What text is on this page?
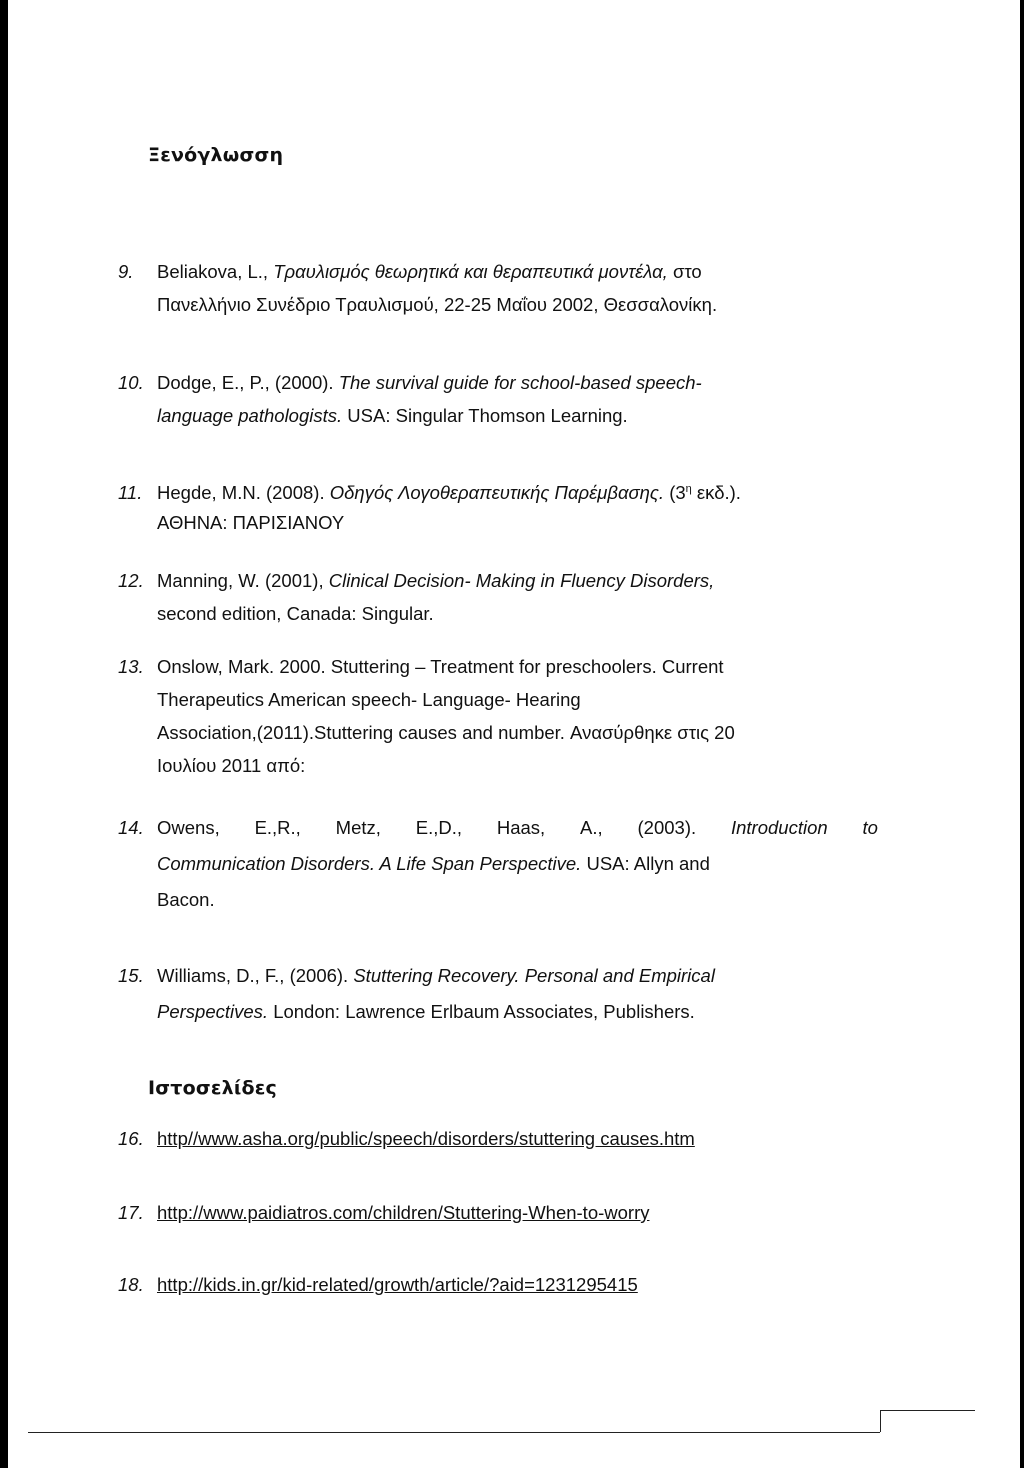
Ξενόγλωσση
9. Beliakova, L., Τραυλισμός θεωρητικά και θεραπευτικά μοντέλα, στο
Πανελλήνιο Συνέδριο Τραυλισμού, 22-25 Μαΐου 2002, Θεσσαλονίκη.
10. Dodge, E., P., (2000). The survival guide for school-based speech-
language pathologists. USA: Singular Thomson Learning.
11. Hegde, M.N. (2008). Οδηγός Λογοθεραπευτικής Παρέμβασης. ($3^\eta$ εκδ.).
ΑΘΗΝΑ: ΠΑΡΙΣΙΑΝΟΥ
12. Manning, W. (2001), Clinical Decision- Making in Fluency Disorders,
second edition, Canada: Singular.
13. Onslow, Mark. 2000. Stuttering – Treatment for preschoolers. Current
Therapeutics American speech- Language- Hearing
Association,(2011).Stuttering causes and number. Ανασύρθηκε στις 20
Ιουλίου 2011 από:
14. Owens, E.,R., Metz, E.,D., Haas, A., (2003). Introduction to
Communication Disorders. A Life Span Perspective. USA: Allyn and
Bacon.
15. Williams, D., F., (2006). Stuttering Recovery. Personal and Empirical
Perspectives. London: Lawrence Erlbaum Associates, Publishers.
Ιστοσελίδες
16. http//www.asha.org/public/speech/disorders/stuttering causes.htm
17. http://www.paidiatros.com/children/Stuttering-When-to-worry
18. http://kids.in.gr/kid-related/growth/article/?aid=1231295415
